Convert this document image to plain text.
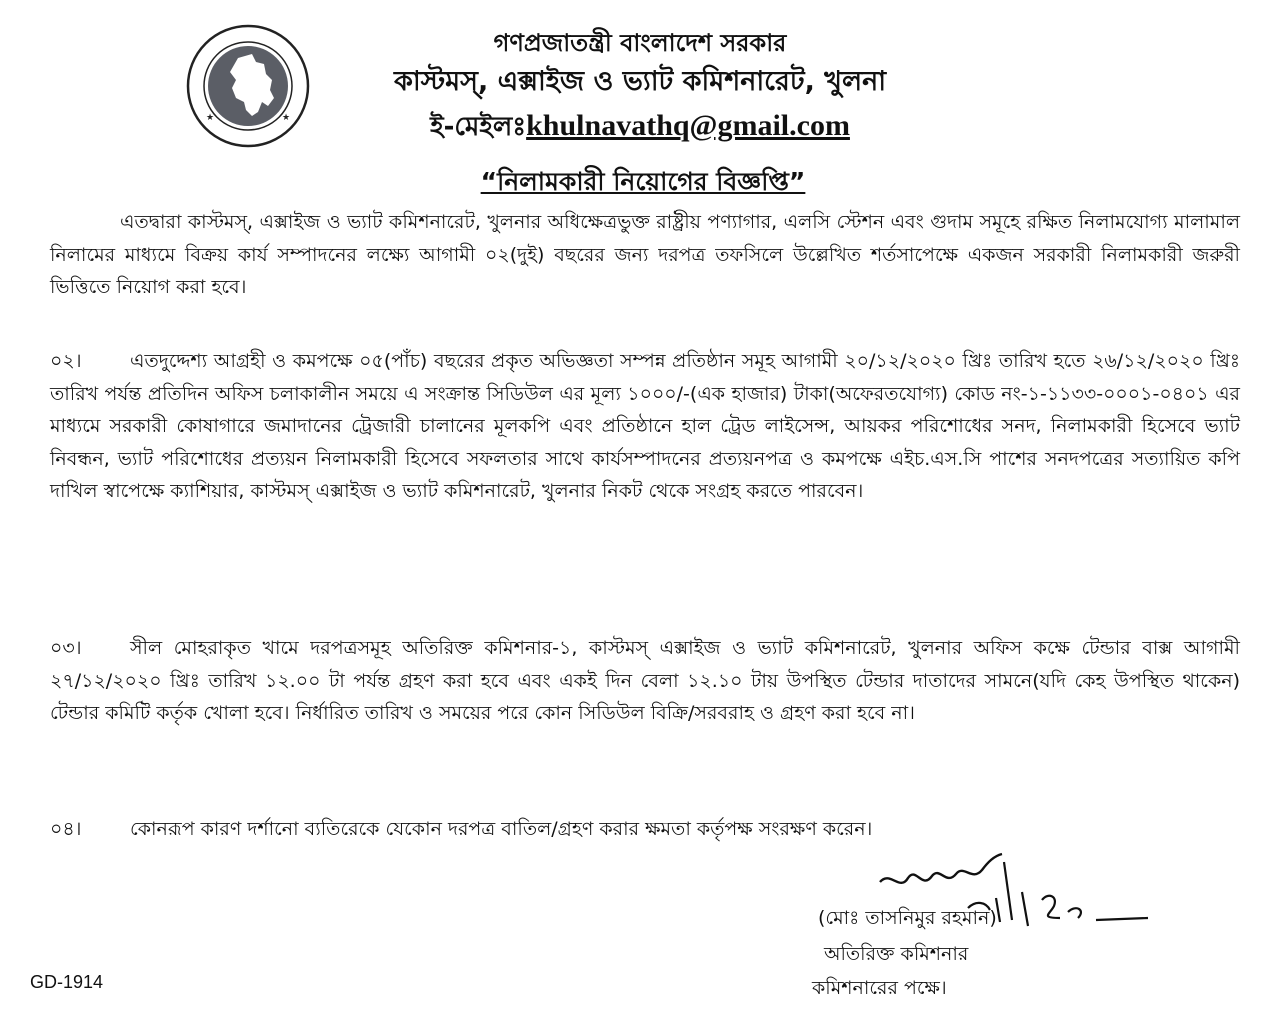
★	★
গণপ্রজাতন্ত্রী বাংলাদেশ সরকার
কাস্টমস্, এক্সাইজ ও ভ্যাট কমিশনারেট, খুলনা
ই-মেইলঃkhulnavathq@gmail.com
“নিলামকারী নিয়োগের বিজ্ঞপ্তি”
এতদ্বারা কাস্টমস্, এক্সাইজ ও ভ্যাট কমিশনারেট, খুলনার অধিক্ষেত্রভুক্ত রাষ্ট্রীয় পণ্যাগার, এলসি স্টেশন এবং গুদাম সমূহে রক্ষিত নিলামযোগ্য মালামাল নিলামের মাধ্যমে বিক্রয় কার্য সম্পাদনের লক্ষ্যে আগামী ০২(দুই) বছরের জন্য দরপত্র তফসিলে উল্লেখিত শর্তসাপেক্ষে একজন সরকারী নিলামকারী জরুরী ভিত্তিতে নিয়োগ করা হবে।
০২।	এতদুদ্দেশ্য আগ্রহী ও কমপক্ষে ০৫(পাঁচ) বছরের প্রকৃত অভিজ্ঞতা সম্পন্ন প্রতিষ্ঠান সমূহ আগামী ২০/১২/২০২০ খ্রিঃ তারিখ হতে ২৬/১২/২০২০ খ্রিঃ তারিখ পর্যন্ত প্রতিদিন অফিস চলাকালীন সময়ে এ সংক্রান্ত সিডিউল এর মূল্য ১০০০/-(এক হাজার) টাকা(অফেরতযোগ্য) কোড নং-১-১১৩৩-০০০১-০৪০১ এর মাধ্যমে সরকারী কোষাগারে জমাদানের ট্রেজারী চালানের মূলকপি এবং প্রতিষ্ঠানে হাল ট্রেড লাইসেন্স, আয়কর পরিশোধের সনদ, নিলামকারী হিসেবে ভ্যাট নিবন্ধন, ভ্যাট পরিশোধের প্রত্যয়ন নিলামকারী হিসেবে সফলতার সাথে কার্যসম্পাদনের প্রত্যয়নপত্র ও কমপক্ষে এইচ.এস.সি পাশের সনদপত্রের সত্যায়িত কপি দাখিল স্বাপেক্ষে ক্যাশিয়ার, কাস্টমস্ এক্সাইজ ও ভ্যাট কমিশনারেট, খুলনার নিকট থেকে সংগ্রহ করতে পারবেন।
০৩।	সীল মোহরাকৃত খামে দরপত্রসমূহ অতিরিক্ত কমিশনার-১, কাস্টমস্ এক্সাইজ ও ভ্যাট কমিশনারেট, খুলনার অফিস কক্ষে টেন্ডার বাক্স আগামী ২৭/১২/২০২০ খ্রিঃ তারিখ ১২.০০ টা পর্যন্ত গ্রহণ করা হবে এবং একই দিন বেলা ১২.১০ টায় উপস্থিত টেন্ডার দাতাদের সামনে(যদি কেহ উপস্থিত থাকেন) টেন্ডার কমিটি কর্তৃক খোলা হবে। নির্ধারিত তারিখ ও সময়ের পরে কোন সিডিউল বিক্রি/সরবরাহ ও গ্রহণ করা হবে না।
০৪।	কোনরূপ কারণ দর্শানো ব্যতিরেকে যেকোন দরপত্র বাতিল/গ্রহণ করার ক্ষমতা কর্তৃপক্ষ সংরক্ষণ করেন।
(মোঃ তাসনিমুর রহমান)
অতিরিক্ত কমিশনার
কমিশনারের পক্ষে।
GD-1914
